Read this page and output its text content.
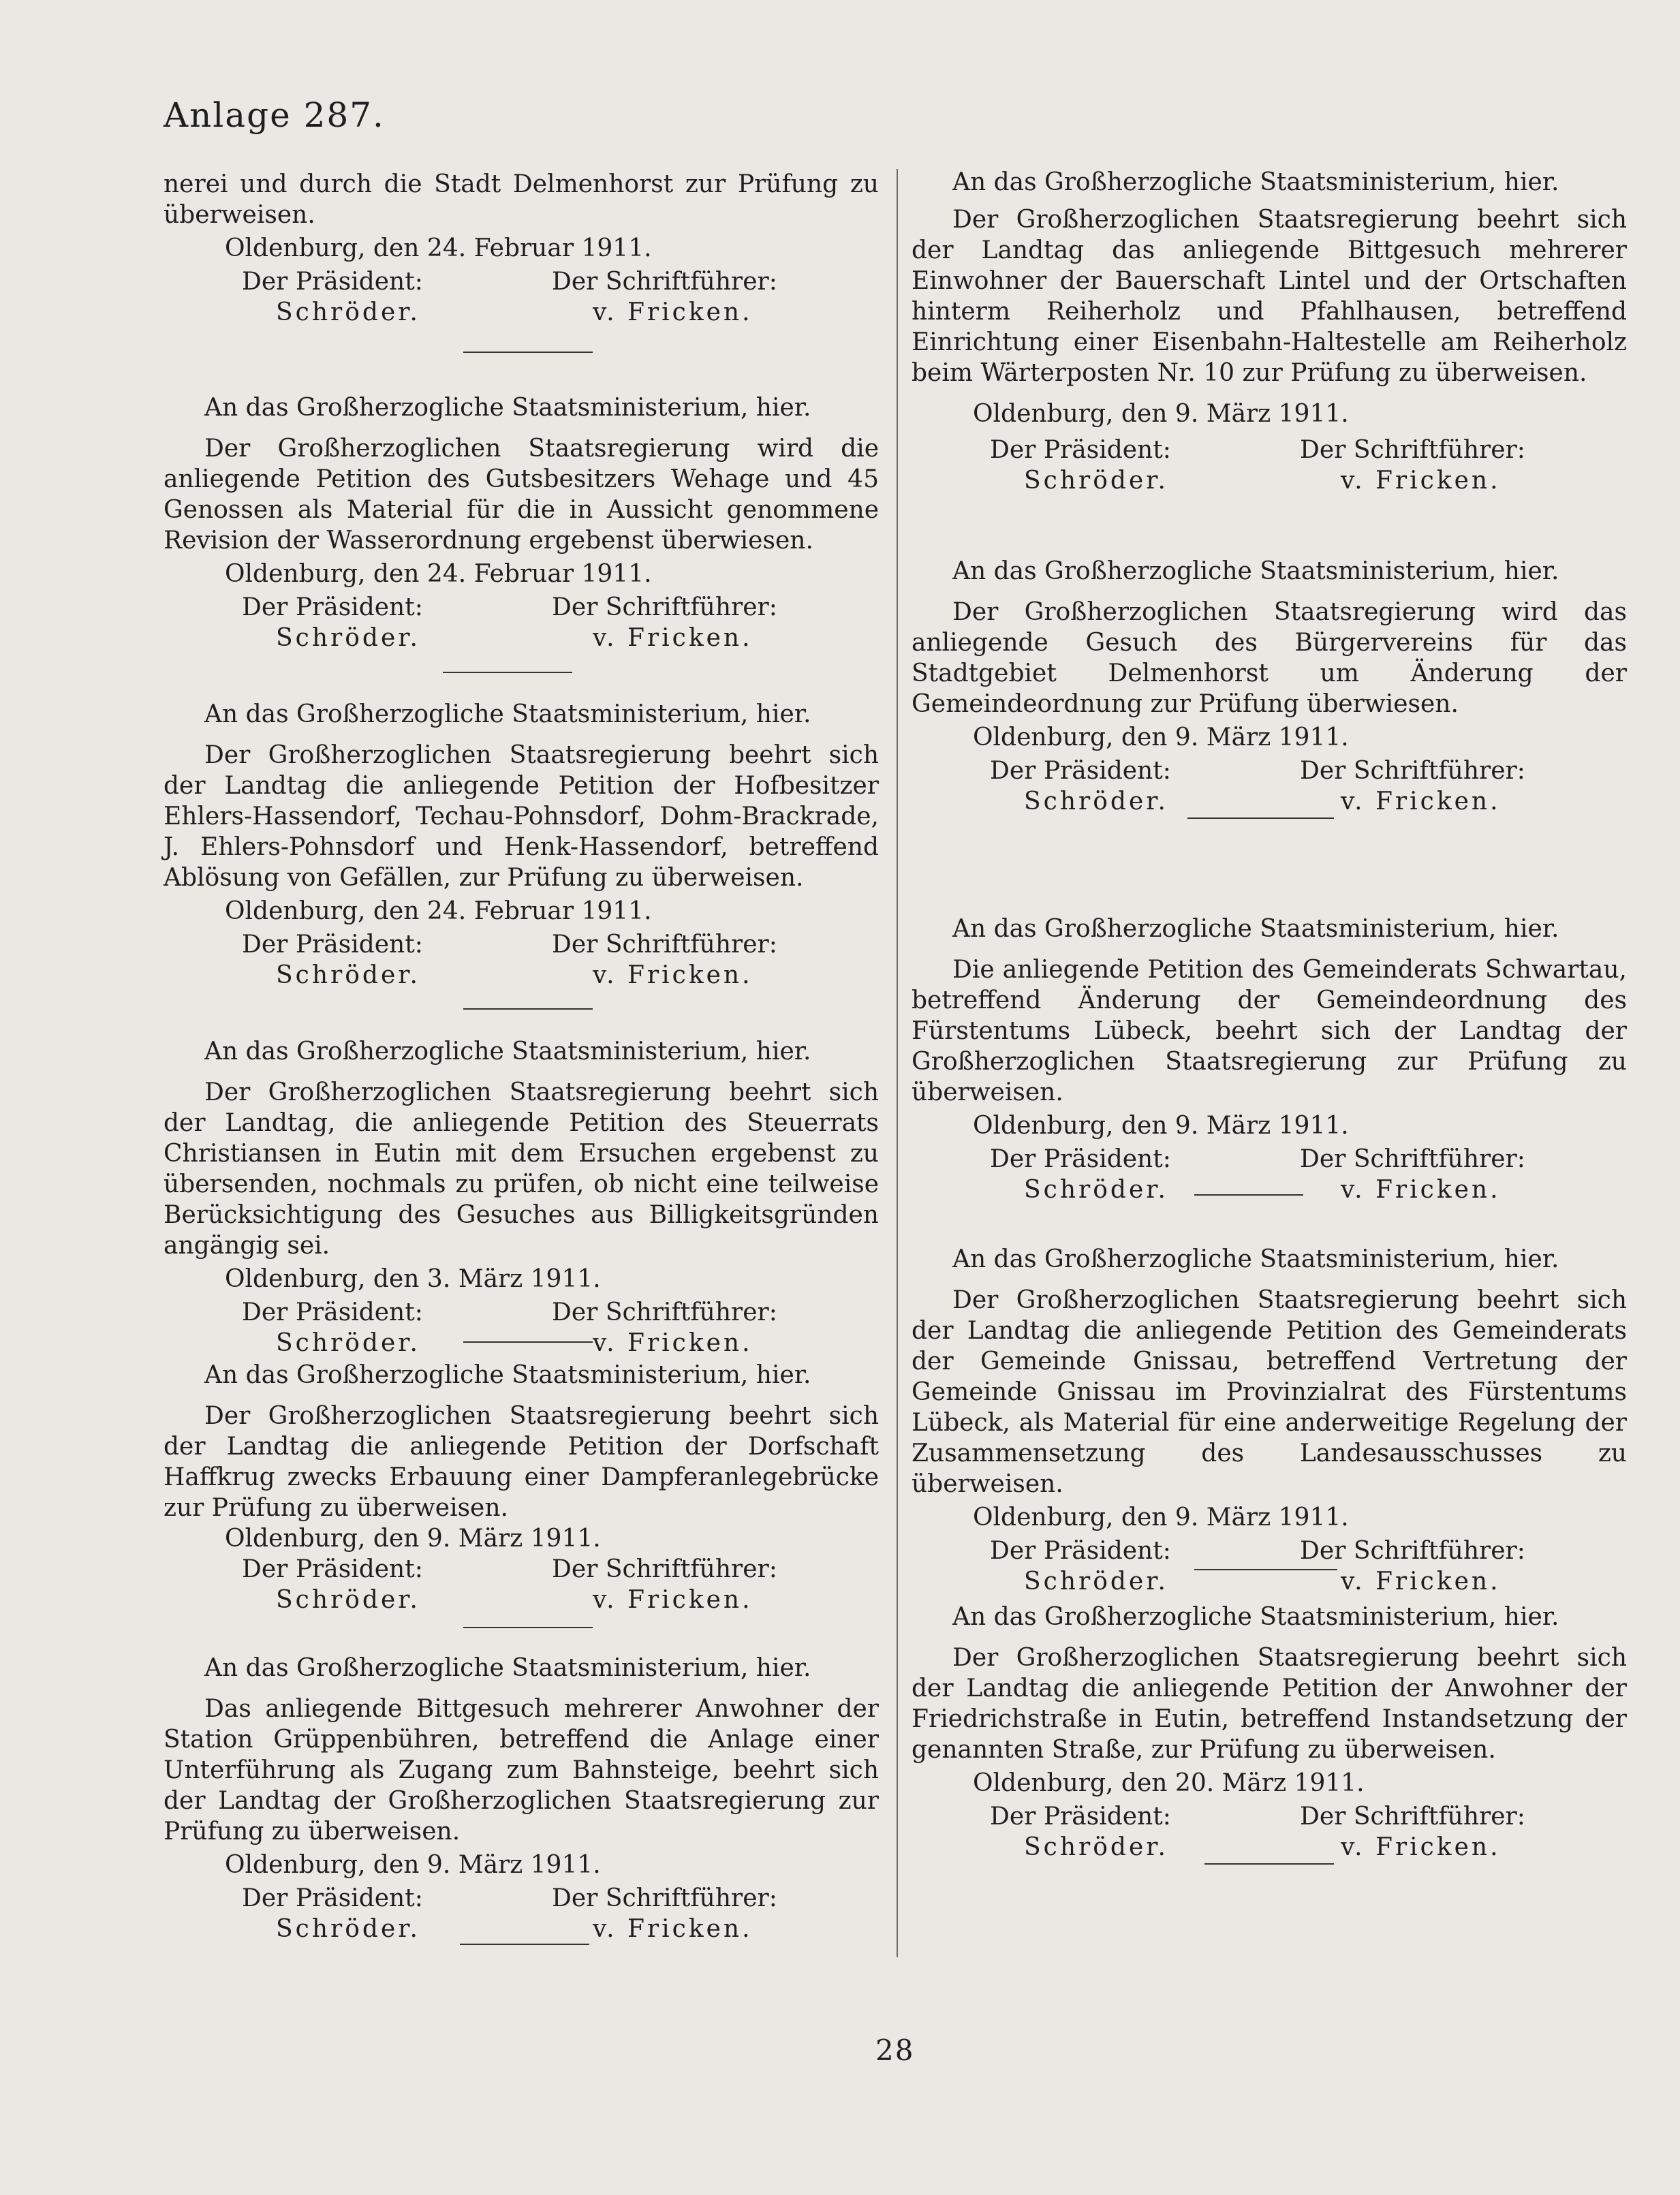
Anlage 287.

nerei und durch die Stadt Delmenhorst zur Prüfung zu überweisen.

Oldenburg, den 24. Februar 1911.
Der Präsident:	Der Schriftführer:
Schröder.	v. Fricken.
An das Großherzogliche Staatsministerium, hier.

Der Großherzoglichen Staatsregierung wird die anliegende Petition des Gutsbesitzers Wehage und 45 Genossen als Material für die in Aussicht genommene Revision der Wasserordnung ergebenst überwiesen.

Oldenburg, den 24. Februar 1911.
Der Präsident:	Der Schriftführer:
Schröder.	v. Fricken.
An das Großherzogliche Staatsministerium, hier.

Der Großherzoglichen Staatsregierung beehrt sich der Landtag die anliegende Petition der Hofbesitzer Ehlers-Hassendorf, Techau-Pohnsdorf, Dohm-Brackrade, J. Ehlers-Pohnsdorf und Henk-Hassendorf, betreffend Ablösung von Gefällen, zur Prüfung zu überweisen.

Oldenburg, den 24. Februar 1911.
Der Präsident:	Der Schriftführer:
Schröder.	v. Fricken.
An das Großherzogliche Staatsministerium, hier.

Der Großherzoglichen Staatsregierung beehrt sich der Landtag, die anliegende Petition des Steuerrats Christiansen in Eutin mit dem Ersuchen ergebenst zu übersenden, nochmals zu prüfen, ob nicht eine teilweise Berücksichtigung des Gesuches aus Billigkeitsgründen angängig sei.

Oldenburg, den 3. März 1911.
Der Präsident:	Der Schriftführer:
Schröder.	v. Fricken.
An das Großherzogliche Staatsministerium, hier.

Der Großherzoglichen Staatsregierung beehrt sich der Landtag die anliegende Petition der Dorfschaft Haffkrug zwecks Erbauung einer Dampferanlegebrücke zur Prüfung zu überweisen.

Oldenburg, den 9. März 1911.
Der Präsident:	Der Schriftführer:
Schröder.	v. Fricken.
An das Großherzogliche Staatsministerium, hier.

Das anliegende Bittgesuch mehrerer Anwohner der Station Grüppenbühren, betreffend die Anlage einer Unterführung als Zugang zum Bahnsteige, beehrt sich der Landtag der Großherzoglichen Staatsregierung zur Prüfung zu überweisen.

Oldenburg, den 9. März 1911.
Der Präsident:	Der Schriftführer:
Schröder.	v. Fricken.
An das Großherzogliche Staatsministerium, hier.

Der Großherzoglichen Staatsregierung beehrt sich der Landtag das anliegende Bittgesuch mehrerer Einwohner der Bauerschaft Lintel und der Ortschaften hinterm Reiherholz und Pfahlhausen, betreffend Einrichtung einer Eisenbahn-Haltestelle am Reiherholz beim Wärterposten Nr. 10 zur Prüfung zu überweisen.

Oldenburg, den 9. März 1911.
Der Präsident:	Der Schriftführer:
Schröder.	v. Fricken.
An das Großherzogliche Staatsministerium, hier.

Der Großherzoglichen Staatsregierung wird das anliegende Gesuch des Bürgervereins für das Stadtgebiet Delmenhorst um Änderung der Gemeindeordnung zur Prüfung überwiesen.

Oldenburg, den 9. März 1911.
Der Präsident:	Der Schriftführer:
Schröder.	v. Fricken.
An das Großherzogliche Staatsministerium, hier.

Die anliegende Petition des Gemeinderats Schwartau, betreffend Änderung der Gemeindeordnung des Fürstentums Lübeck, beehrt sich der Landtag der Großherzoglichen Staatsregierung zur Prüfung zu überweisen.

Oldenburg, den 9. März 1911.
Der Präsident:	Der Schriftführer:
Schröder.	v. Fricken.
An das Großherzogliche Staatsministerium, hier.

Der Großherzoglichen Staatsregierung beehrt sich der Landtag die anliegende Petition des Gemeinderats der Gemeinde Gnissau, betreffend Vertretung der Gemeinde Gnissau im Provinzialrat des Fürstentums Lübeck, als Material für eine anderweitige Regelung der Zusammensetzung des Landesausschusses zu überweisen.

Oldenburg, den 9. März 1911.
Der Präsident:	Der Schriftführer:
Schröder.	v. Fricken.
An das Großherzogliche Staatsministerium, hier.

Der Großherzoglichen Staatsregierung beehrt sich der Landtag die anliegende Petition der Anwohner der Friedrichstraße in Eutin, betreffend Instandsetzung der genannten Straße, zur Prüfung zu überweisen.

Oldenburg, den 20. März 1911.
Der Präsident:	Der Schriftführer:
Schröder.	v. Fricken.
28
